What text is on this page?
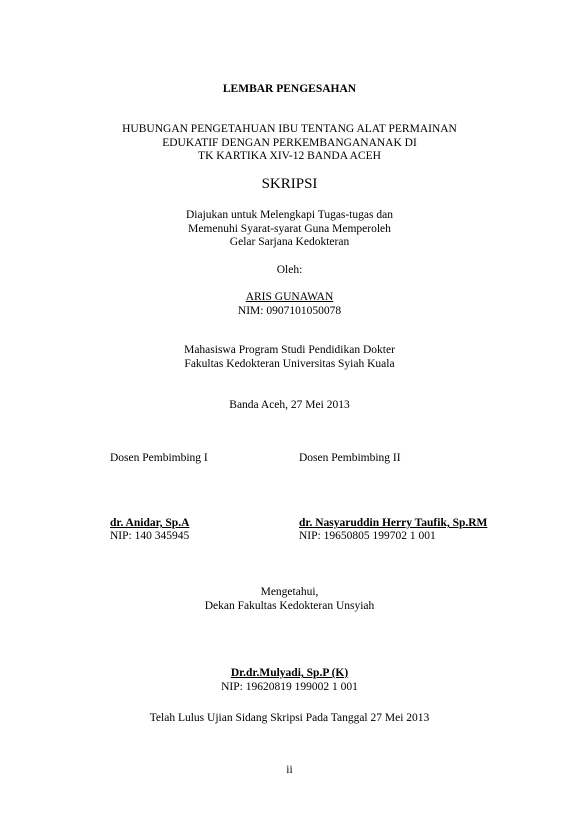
LEMBAR PENGESAHAN
HUBUNGAN PENGETAHUAN IBU TENTANG ALAT PERMAINAN
EDUKATIF DENGAN PERKEMBANGANANAK DI
TK KARTIKA XIV-12 BANDA ACEH
SKRIPSI
Diajukan untuk Melengkapi Tugas-tugas dan
Memenuhi Syarat-syarat Guna Memperoleh
Gelar Sarjana Kedokteran
Oleh:
ARIS GUNAWAN
NIM: 0907101050078
Mahasiswa Program Studi Pendidikan Dokter
Fakultas Kedokteran Universitas Syiah Kuala
Banda Aceh, 27 Mei 2013
Dosen Pembimbing I	Dosen Pembimbing II
dr. Anidar, Sp.A
NIP: 140 345945
dr. Nasyaruddin Herry Taufik, Sp.RM
NIP: 19650805 199702 1 001
Mengetahui,
Dekan Fakultas Kedokteran Unsyiah
Dr.dr.Mulyadi, Sp.P (K)
NIP: 19620819 199002 1 001
Telah Lulus Ujian Sidang Skripsi Pada Tanggal 27 Mei 2013
ii
